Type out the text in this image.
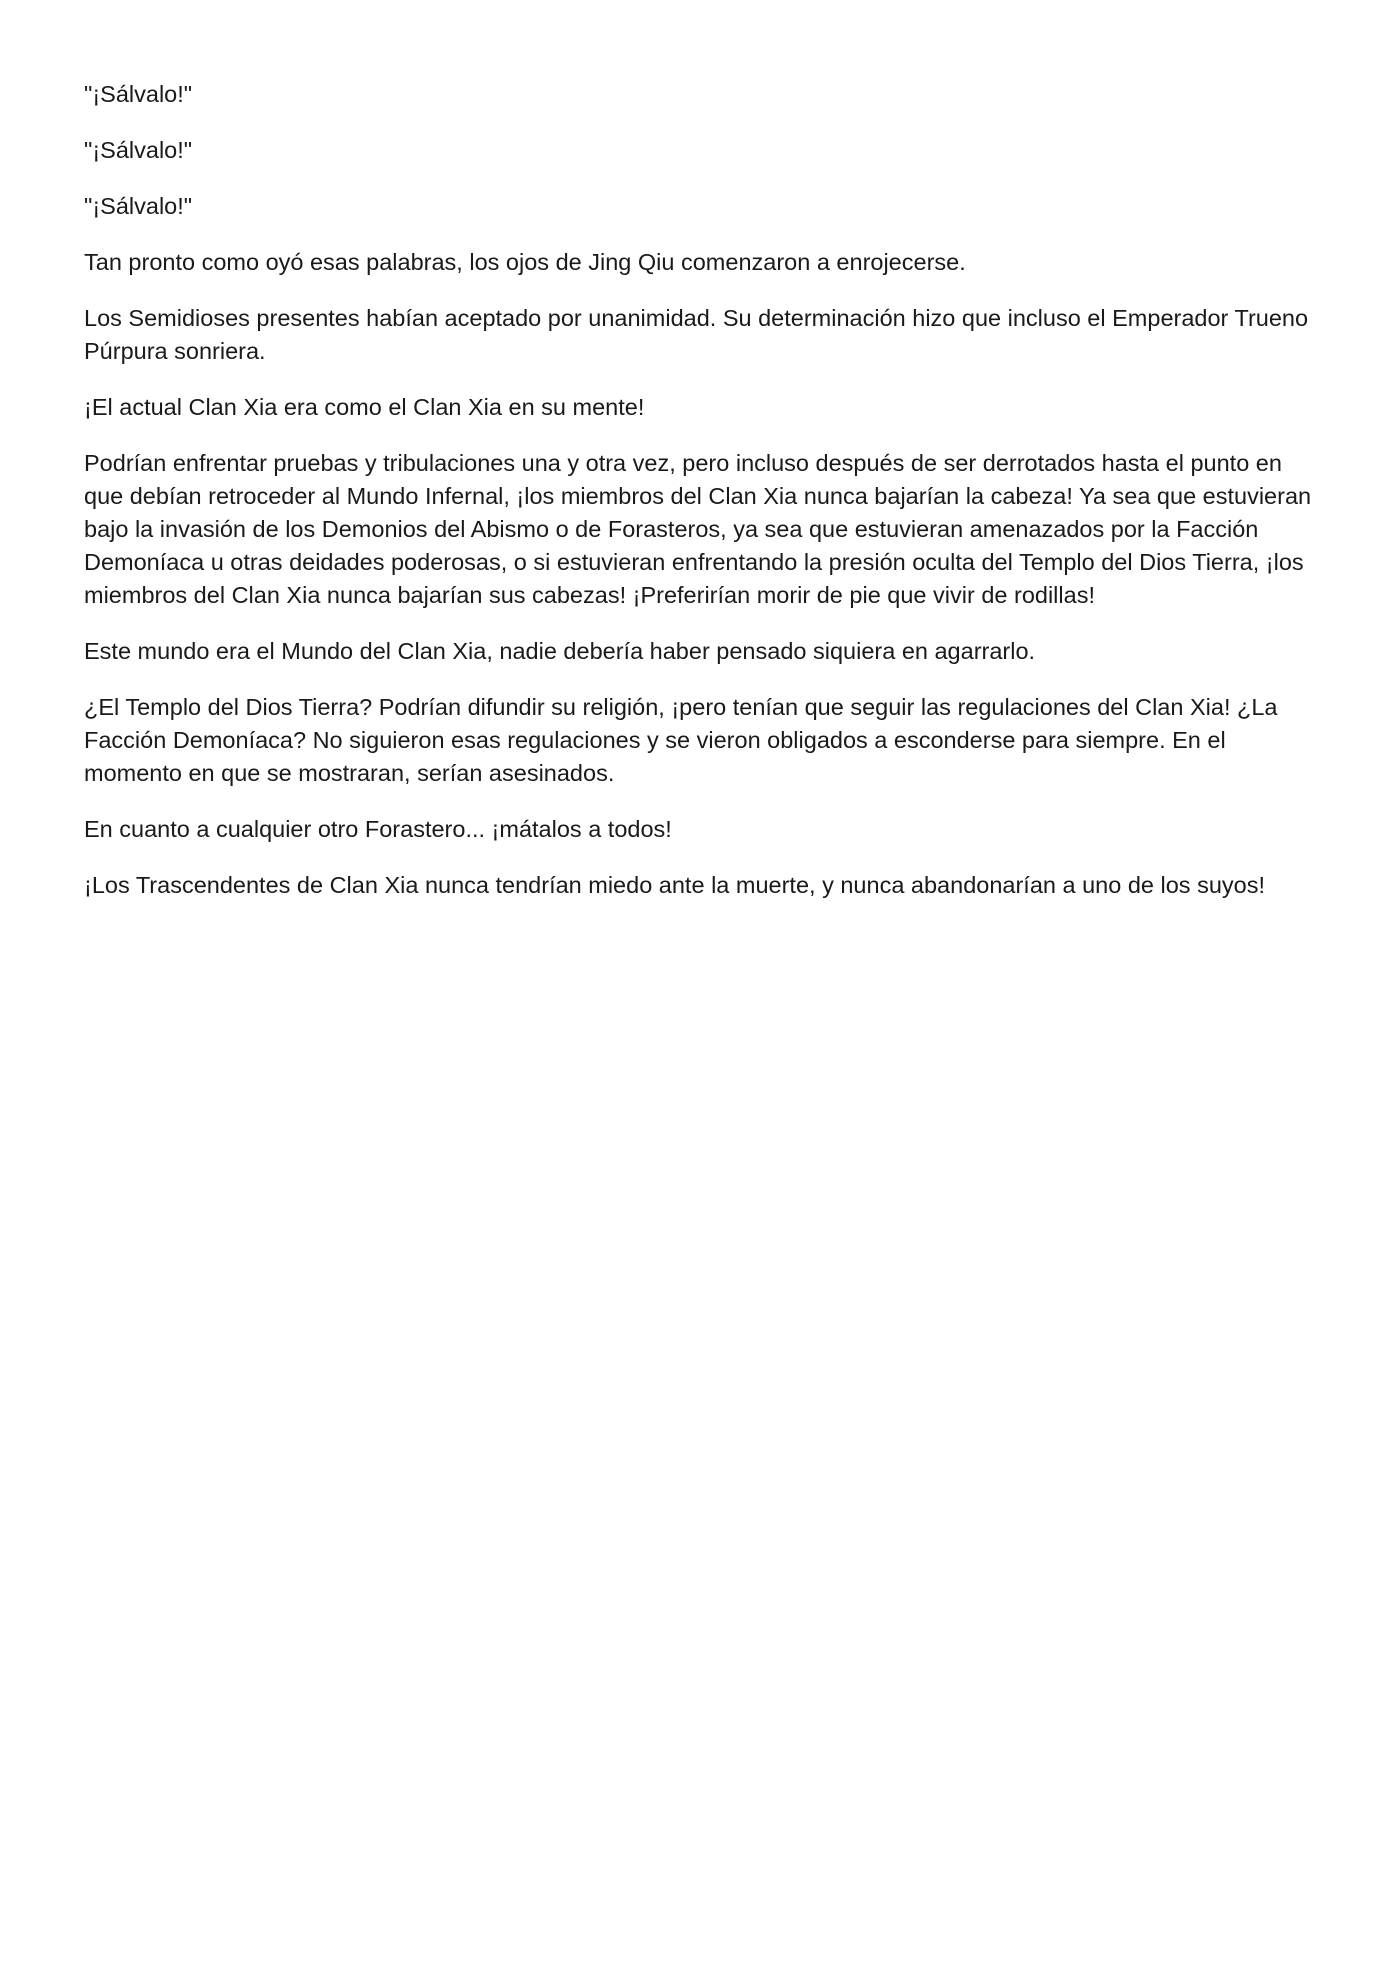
"¡Sálvalo!"

"¡Sálvalo!"

"¡Sálvalo!"

Tan pronto como oyó esas palabras, los ojos de Jing Qiu comenzaron a enrojecerse.

Los Semidioses presentes habían aceptado por unanimidad. Su determinación hizo que incluso el Emperador Trueno Púrpura sonriera.

¡El actual Clan Xia era como el Clan Xia en su mente!

Podrían enfrentar pruebas y tribulaciones una y otra vez, pero incluso después de ser derrotados hasta el punto en que debían retroceder al Mundo Infernal, ¡los miembros del Clan Xia nunca bajarían la cabeza! Ya sea que estuvieran bajo la invasión de los Demonios del Abismo o de Forasteros, ya sea que estuvieran amenazados por la Facción Demoníaca u otras deidades poderosas, o si estuvieran enfrentando la presión oculta del Templo del Dios Tierra, ¡los miembros del Clan Xia nunca bajarían sus cabezas! ¡Preferirían morir de pie que vivir de rodillas!

Este mundo era el Mundo del Clan Xia, nadie debería haber pensado siquiera en agarrarlo.

¿El Templo del Dios Tierra? Podrían difundir su religión, ¡pero tenían que seguir las regulaciones del Clan Xia! ¿La Facción Demoníaca? No siguieron esas regulaciones y se vieron obligados a esconderse para siempre. En el momento en que se mostraran, serían asesinados.

En cuanto a cualquier otro Forastero... ¡mátalos a todos!

¡Los Trascendentes de Clan Xia nunca tendrían miedo ante la muerte, y nunca abandonarían a uno de los suyos!
